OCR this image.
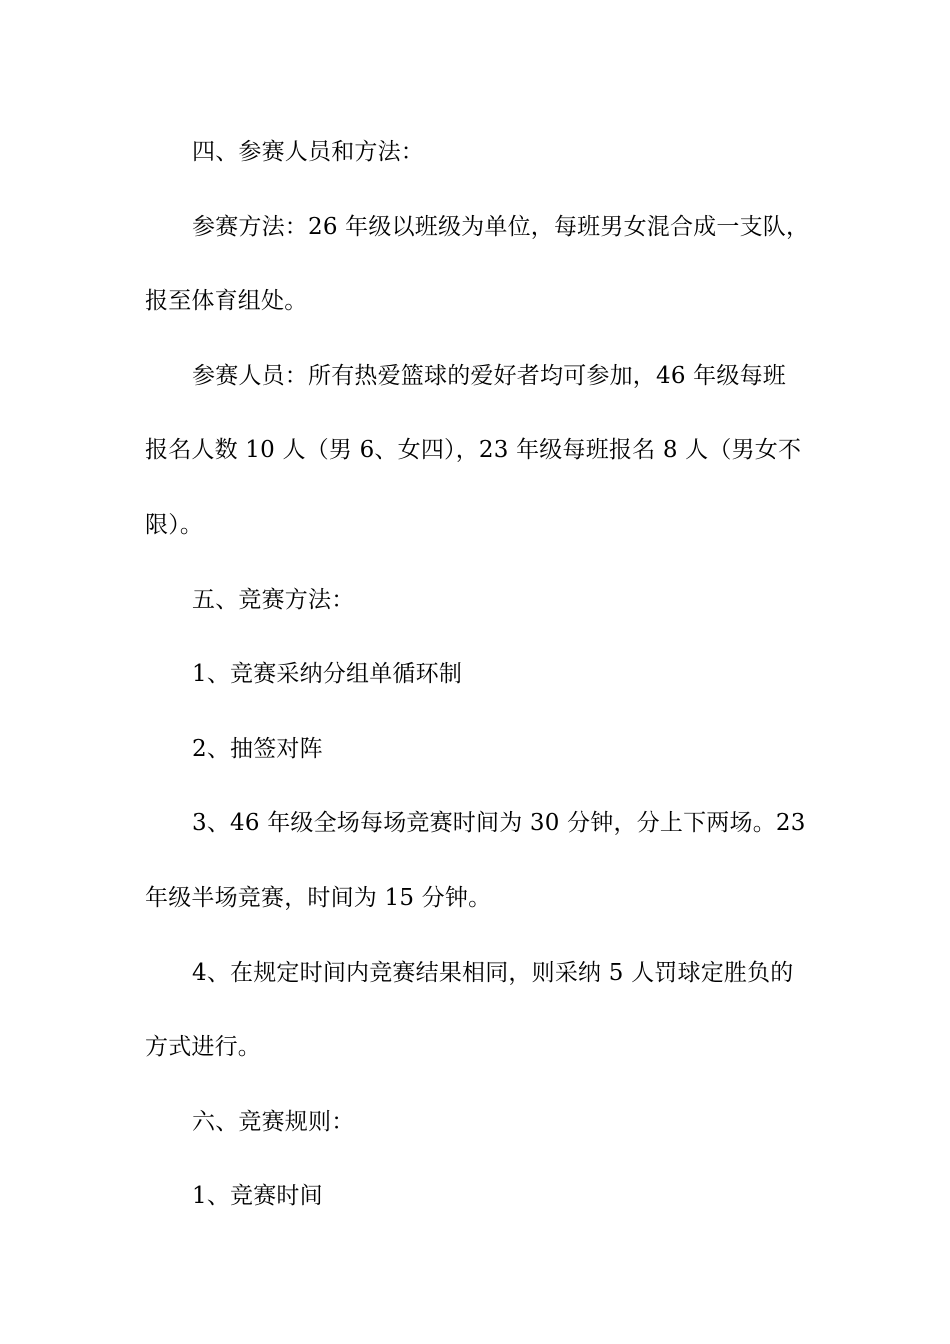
四、参赛人员和方法：
参赛方法：26 年级以班级为单位，每班男女混合成一支队，
报至体育组处。
参赛人员：所有热爱篮球的爱好者均可参加，46 年级每班
报名人数 10 人（男 6、女四），23 年级每班报名 8 人（男女不
限）。
五、竞赛方法：
1、竞赛采纳分组单循环制
2、抽签对阵
3、46 年级全场每场竞赛时间为 30 分钟，分上下两场。23
年级半场竞赛，时间为 15 分钟。
4、在规定时间内竞赛结果相同，则采纳 5 人罚球定胜负的
方式进行。
六、竞赛规则：
1、竞赛时间
